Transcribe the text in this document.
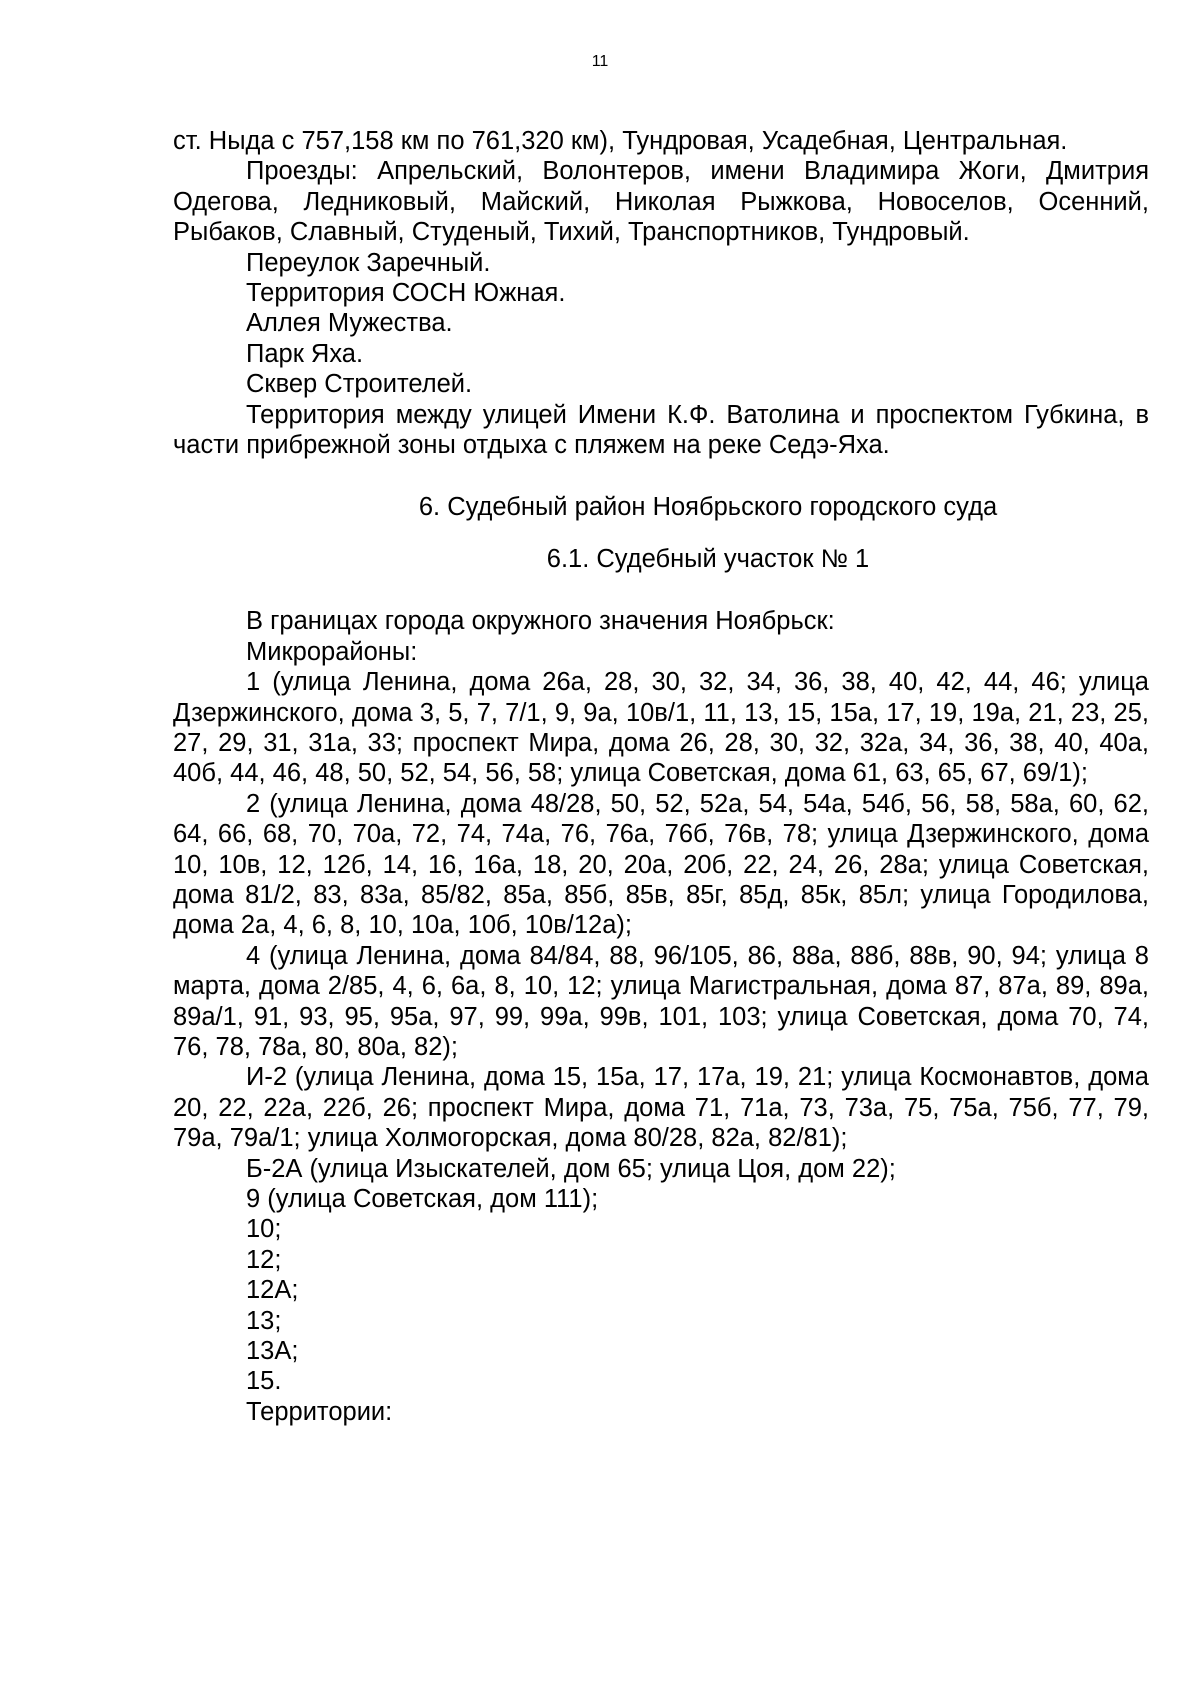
11

ст. Ныда с 757,158 км по 761,320 км), Тундровая, Усадебная, Центральная.

Проезды: Апрельский, Волонтеров, имени Владимира Жоги, Дмитрия Одегова, Ледниковый, Майский, Николая Рыжкова, Новоселов, Осенний, Рыбаков, Славный, Студеный, Тихий, Транспортников, Тундровый.

Переулок Заречный.

Территория СОСН Южная.

Аллея Мужества.

Парк Яха.

Сквер Строителей.

Территория между улицей Имени К.Ф. Ватолина и проспектом Губкина, в части прибрежной зоны отдыха с пляжем на реке Седэ-Яха.

6. Судебный район Ноябрьского городского суда

6.1. Судебный участок № 1

В границах города окружного значения Ноябрьск:

Микрорайоны:

1 (улица Ленина, дома 26а, 28, 30, 32, 34, 36, 38, 40, 42, 44, 46; улица Дзержинского, дома 3, 5, 7, 7/1, 9, 9а, 10в/1, 11, 13, 15, 15а, 17, 19, 19а, 21, 23, 25, 27, 29, 31, 31а, 33; проспект Мира, дома 26, 28, 30, 32, 32а, 34, 36, 38, 40, 40а, 40б, 44, 46, 48, 50, 52, 54, 56, 58; улица Советская, дома 61, 63, 65, 67, 69/1);

2 (улица Ленина, дома 48/28, 50, 52, 52а, 54, 54а, 54б, 56, 58, 58а, 60, 62, 64, 66, 68, 70, 70а, 72, 74, 74а, 76, 76а, 76б, 76в, 78; улица Дзержинского, дома 10, 10в, 12, 12б, 14, 16, 16а, 18, 20, 20а, 20б, 22, 24, 26, 28а; улица Советская, дома 81/2, 83, 83а, 85/82, 85а, 85б, 85в, 85г, 85д, 85к, 85л; улица Городилова, дома 2а, 4, 6, 8, 10, 10а, 10б, 10в/12а);

4 (улица Ленина, дома 84/84, 88, 96/105, 86, 88а, 88б, 88в, 90, 94; улица 8 марта, дома 2/85, 4, 6, 6а, 8, 10, 12; улица Магистральная, дома 87, 87а, 89, 89а, 89а/1, 91, 93, 95, 95а, 97, 99, 99а, 99в, 101, 103; улица Советская, дома 70, 74, 76, 78, 78а, 80, 80а, 82);

И-2 (улица Ленина, дома 15, 15а, 17, 17а, 19, 21; улица Космонавтов, дома 20, 22, 22а, 22б, 26; проспект Мира, дома 71, 71а, 73, 73а, 75, 75а, 75б, 77, 79, 79а, 79а/1; улица Холмогорская, дома 80/28, 82а, 82/81);

Б-2А (улица Изыскателей, дом 65; улица Цоя, дом 22);

9 (улица Советская, дом 111);

10;

12;

12А;

13;

13А;

15.

Территории:
